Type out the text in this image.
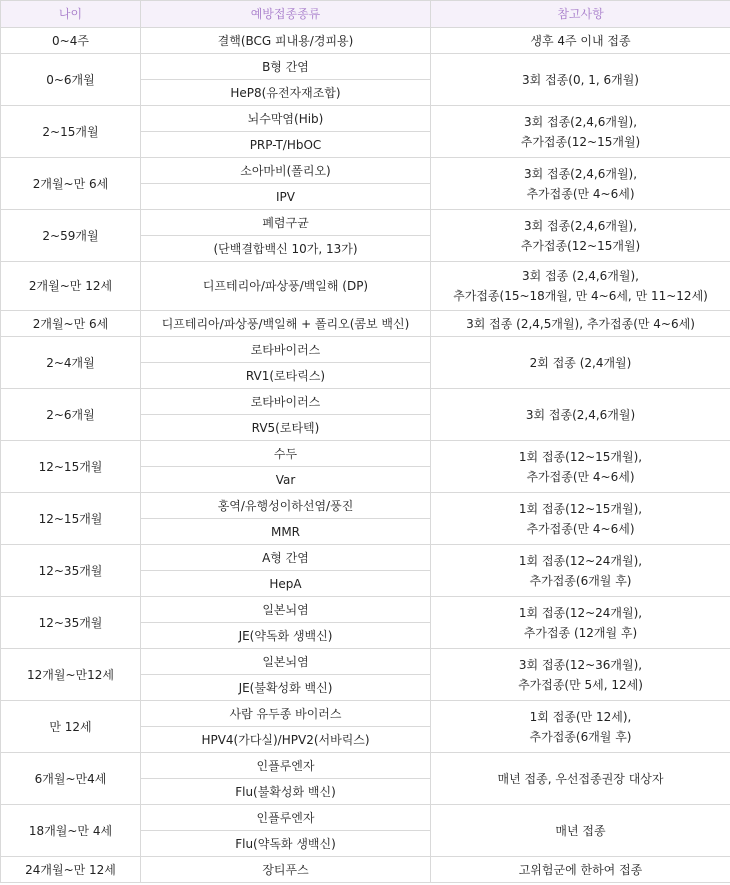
나이	예방접종종류	참고사항
0~4주	결핵(BCG 피내용/경피용)	생후 4주 이내 접종

0~6개월	B형 간염	3회 접종(0, 1, 6개월)

	HeP8(유전자재조합)	
2~15개월	뇌수막염(Hib)	3회 접종(2,4,6개월),
추가접종(12~15개월)

	PRP-T/HbOC	
2개월~만 6세	소아마비(폴리오)	3회 접종(2,4,6개월),
추가접종(만 4~6세)

	IPV	
2~59개월	폐렴구균	3회 접종(2,4,6개월),
추가접종(12~15개월)

	(단백결합백신 10가, 13가)	
2개월~만 12세	디프테리아/파상풍/백일해 (DP)	3회 접종 (2,4,6개월),
추가접종(15~18개월, 만 4~6세, 만 11~12세)

2개월~만 6세	디프테리아/파상풍/백일해 + 폴리오(콤보 백신)	3회 접종 (2,4,5개월), 추가접종(만 4~6세)

2~4개월	로타바이러스	2회 접종 (2,4개월)

	RV1(로타릭스)	
2~6개월	로타바이러스	3회 접종(2,4,6개월)

	RV5(로타텍)	
12~15개월	수두	1회 접종(12~15개월),
추가접종(만 4~6세)

	Var	
12~15개월	홍역/유행성이하선염/풍진	1회 접종(12~15개월),
추가접종(만 4~6세)

	MMR	
12~35개월	A형 간염	1회 접종(12~24개월),
추가접종(6개월 후)

	HepA	
12~35개월	일본뇌염	1회 접종(12~24개월),
추가접종 (12개월 후)

	JE(약독화 생백신)	
12개월~만12세	일본뇌염	3회 접종(12~36개월),
추가접종(만 5세, 12세)

	JE(불확성화 백신)	
만 12세	사람 유두종 바이러스	1회 접종(만 12세),
추가접종(6개월 후)

	HPV4(가다실)/HPV2(서바릭스)	
6개월~만4세	인플루엔자	매년 접종, 우선접종권장 대상자

	Flu(불확성화 백신)	
18개월~만 4세	인플루엔자	매년 접종

	Flu(약독화 생백신)	
24개월~만 12세	장티푸스	고위험군에 한하여 접종
